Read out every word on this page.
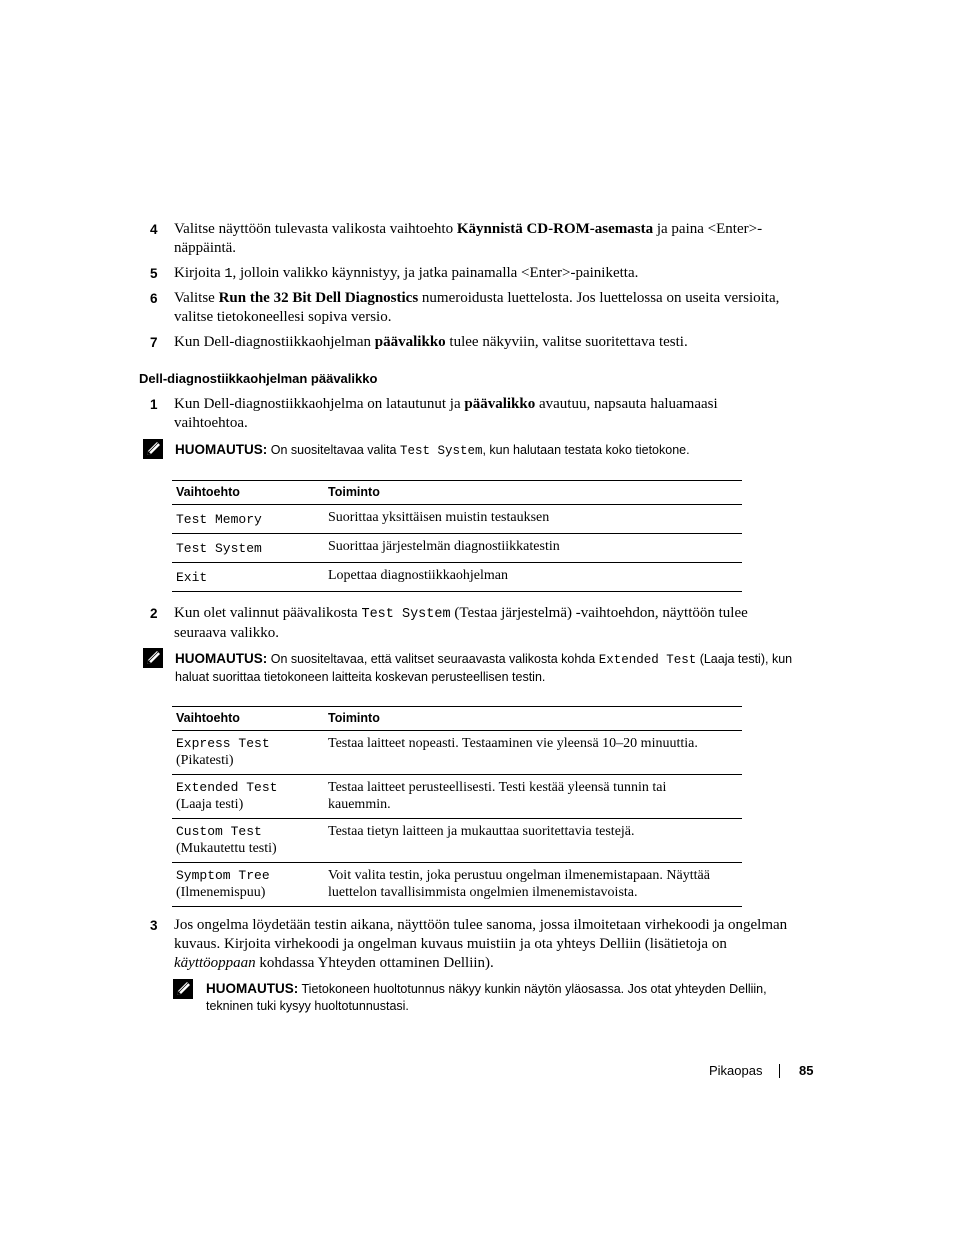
4	Valitse näyttöön tulevasta valikosta vaihtoehto Käynnistä CD-ROM-asemasta ja paina <Enter>-
näppäintä.
5	Kirjoita 1, jolloin valikko käynnistyy, ja jatka painamalla <Enter>-painiketta.
6	Valitse Run the 32 Bit Dell Diagnostics numeroidusta luettelosta. Jos luettelossa on useita versioita,
valitse tietokoneellesi sopiva versio.
7	Kun Dell-diagnostiikkaohjelman päävalikko tulee näkyviin, valitse suoritettava testi.
Dell-diagnostiikkaohjelman päävalikko
1	Kun Dell-diagnostiikkaohjelma on latautunut ja päävalikko avautuu, napsauta haluamaasi
vaihtoehtoa.
HUOMAUTUS: On suositeltavaa valita Test System, kun halutaan testata koko tietokone.
Vaihtoehto	Toiminto
Test Memory	Suorittaa yksittäisen muistin testauksen
Test System	Suorittaa järjestelmän diagnostiikkatestin
Exit	Lopettaa diagnostiikkaohjelman
2	Kun olet valinnut päävalikosta Test System (Testaa järjestelmä) -vaihtoehdon, näyttöön tulee
seuraava valikko.
HUOMAUTUS: On suositeltavaa, että valitset seuraavasta valikosta kohda Extended Test (Laaja testi), kun
haluat suorittaa tietokoneen laitteita koskevan perusteellisen testin.
Vaihtoehto	Toiminto
Express Test
(Pikatesti)	Testaa laitteet nopeasti. Testaaminen vie yleensä 10–20 minuuttia.

Extended Test
(Laaja testi)	Testaa laitteet perusteellisesti. Testi kestää yleensä tunnin tai
kauemmin.
Custom Test
(Mukautettu testi)	Testaa tietyn laitteen ja mukauttaa suoritettavia testejä.

Symptom Tree
(Ilmenemispuu)	Voit valita testin, joka perustuu ongelman ilmenemistapaan. Näyttää
luettelon tavallisimmista ongelmien ilmenemistavoista.
3	Jos ongelma löydetään testin aikana, näyttöön tulee sanoma, jossa ilmoitetaan virhekoodi ja ongelman
kuvaus. Kirjoita virhekoodi ja ongelman kuvaus muistiin ja ota yhteys Delliin (lisätietoja on
käyttöoppaan kohdassa Yhteyden ottaminen Delliin).
HUOMAUTUS: Tietokoneen huoltotunnus näkyy kunkin näytön yläosassa. Jos otat yhteyden Delliin,
tekninen tuki kysyy huoltotunnustasi.
Pikaopas	85
